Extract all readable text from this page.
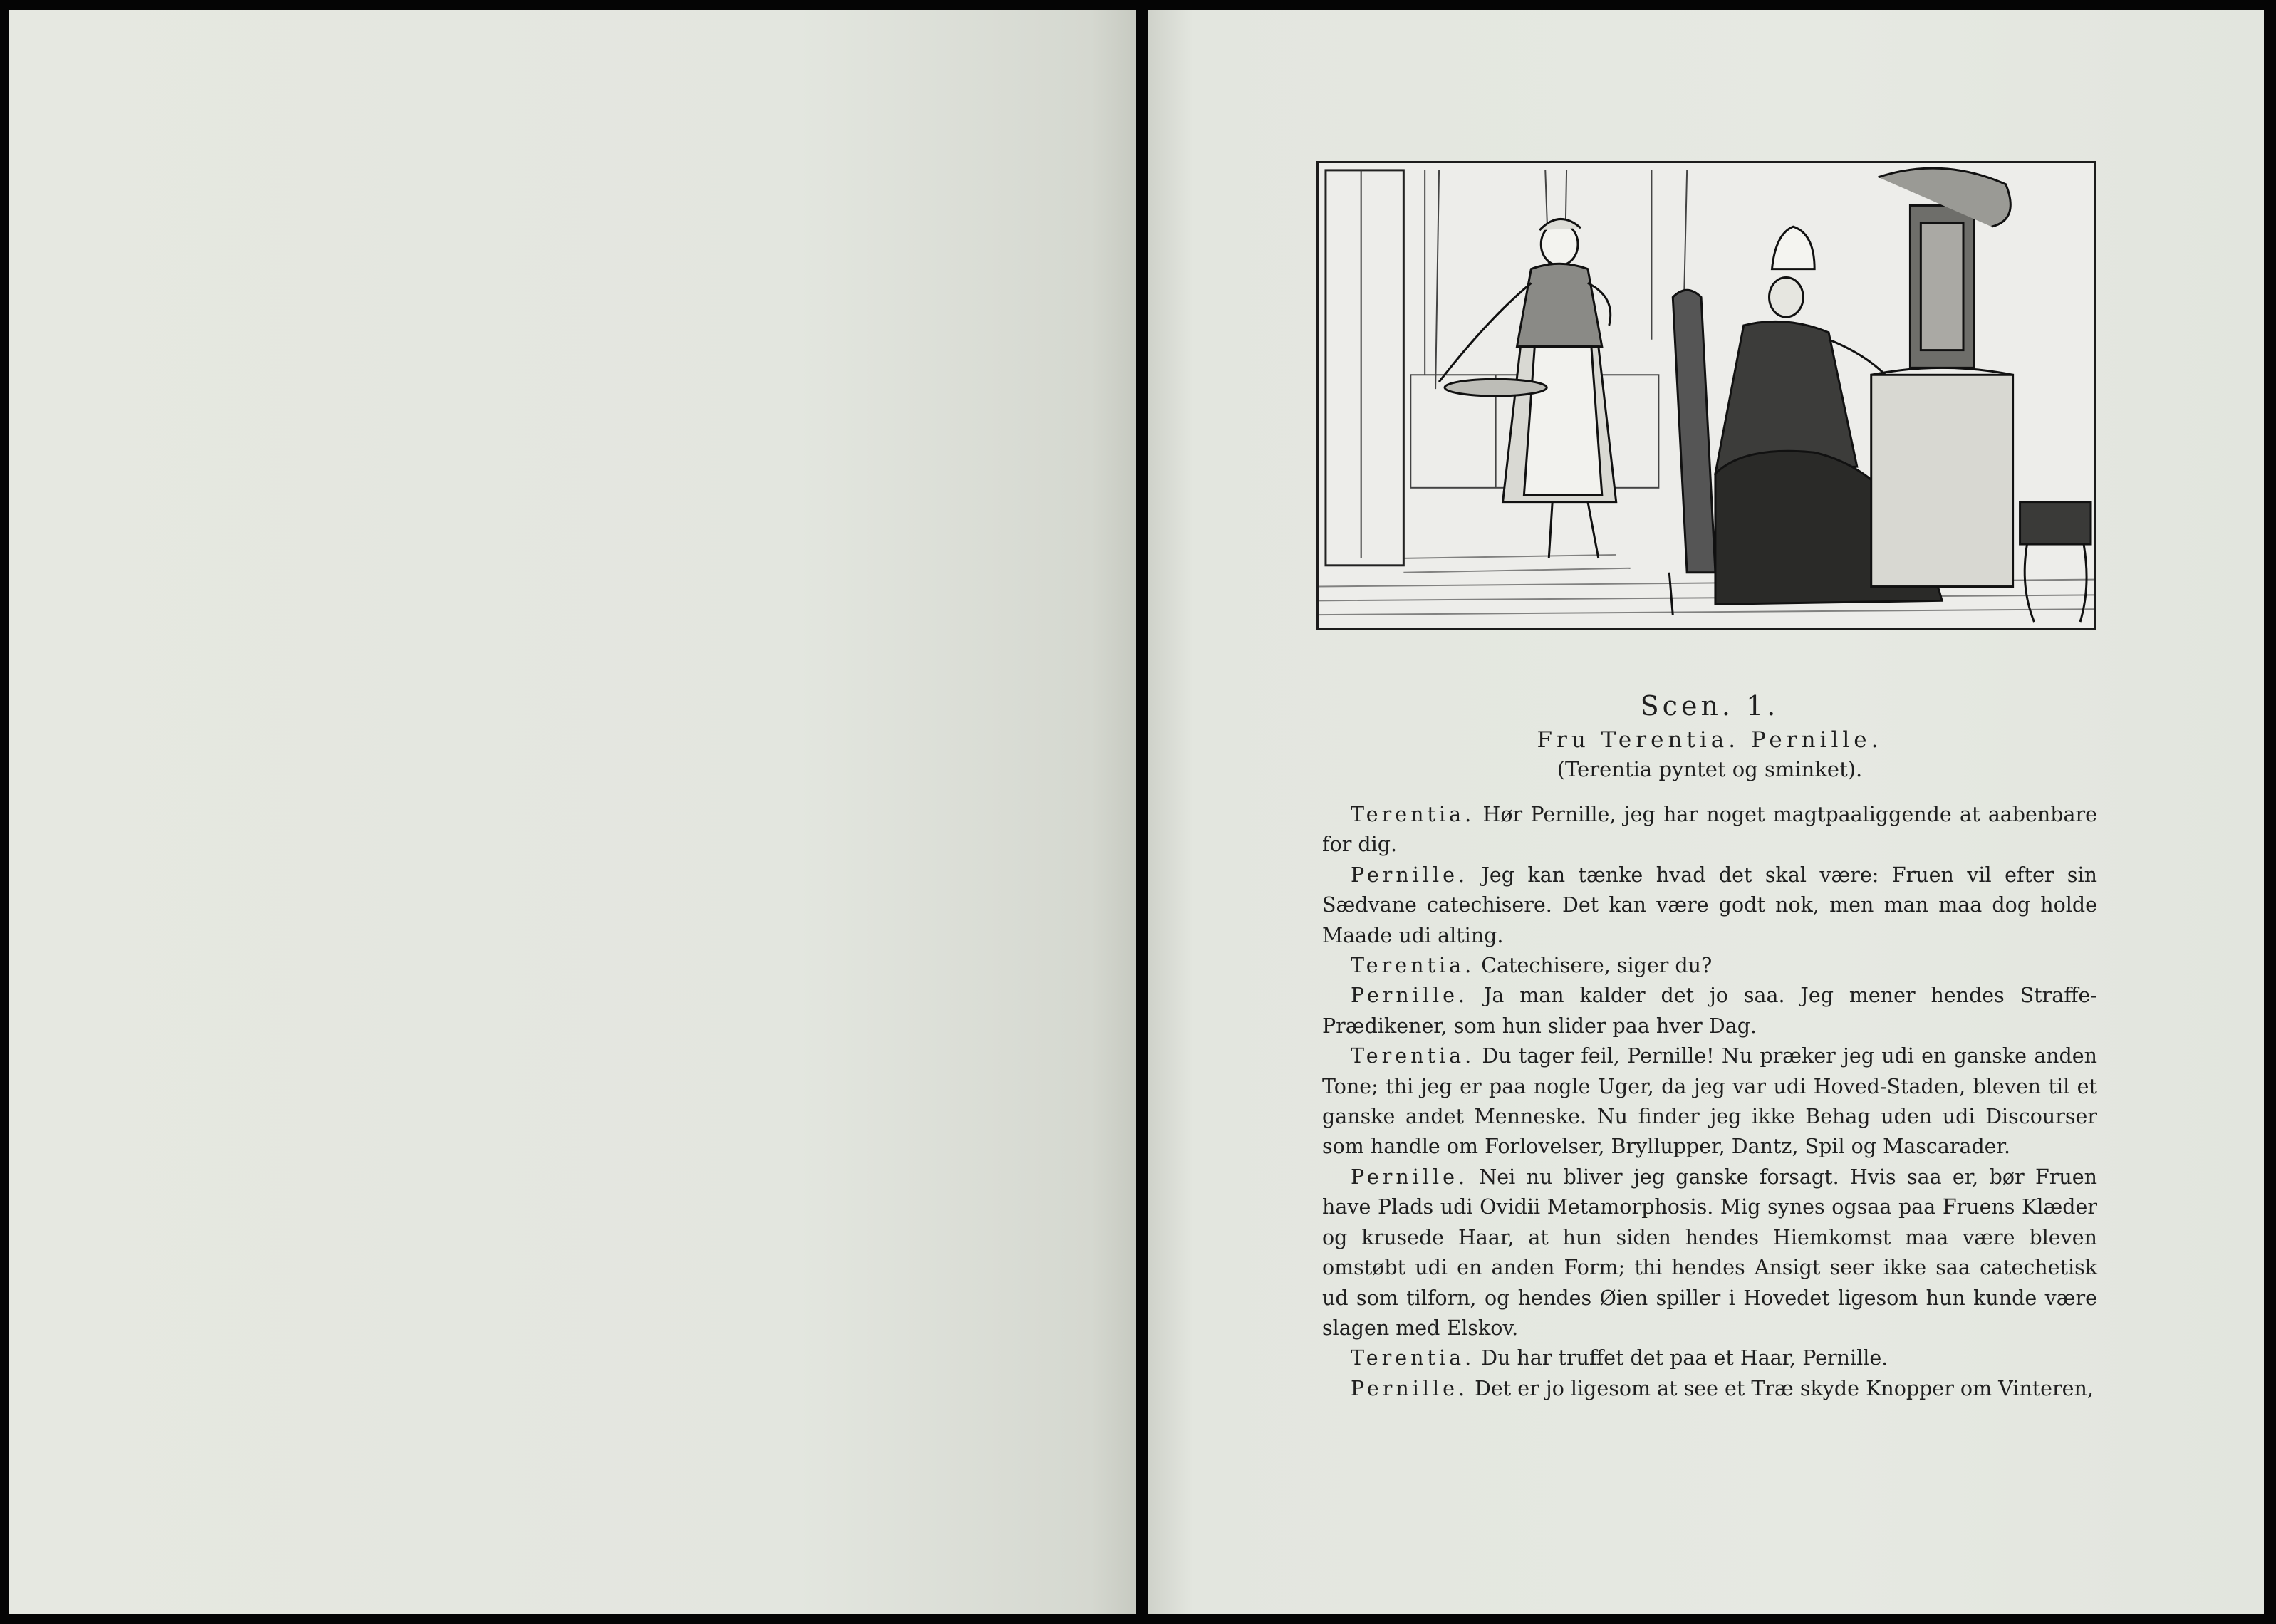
Scen. 1.
Fru Terentia. Pernille.
(Terentia pyntet og sminket).

Terentia. Hør Pernille, jeg har noget magtpaaliggende at aabenbare for dig.

Pernille. Jeg kan tænke hvad det skal være: Fruen vil efter sin Sædvane catechisere. Det kan være godt nok, men man maa dog holde Maade udi alting.

Terentia. Catechisere, siger du?

Pernille. Ja man kalder det jo saa. Jeg mener hendes Straffe-Prædikener, som hun slider paa hver Dag.

Terentia. Du tager feil, Pernille! Nu præker jeg udi en ganske anden Tone; thi jeg er paa nogle Uger, da jeg var udi Hoved-Staden, bleven til et ganske andet Menneske. Nu finder jeg ikke Behag uden udi Discourser som handle om Forlovelser, Bryllupper, Dantz, Spil og Mascarader.

Pernille. Nei nu bliver jeg ganske forsagt. Hvis saa er, bør Fruen have Plads udi Ovidii Metamorphosis. Mig synes ogsaa paa Fruens Klæder og krusede Haar, at hun siden hendes Hiemkomst maa være bleven omstøbt udi en anden Form; thi hendes Ansigt seer ikke saa catechetisk ud som tilforn, og hendes Øien spiller i Hovedet ligesom hun kunde være slagen med Elskov.

Terentia. Du har truffet det paa et Haar, Pernille.

Pernille. Det er jo ligesom at see et Træ skyde Knopper om Vinteren,
